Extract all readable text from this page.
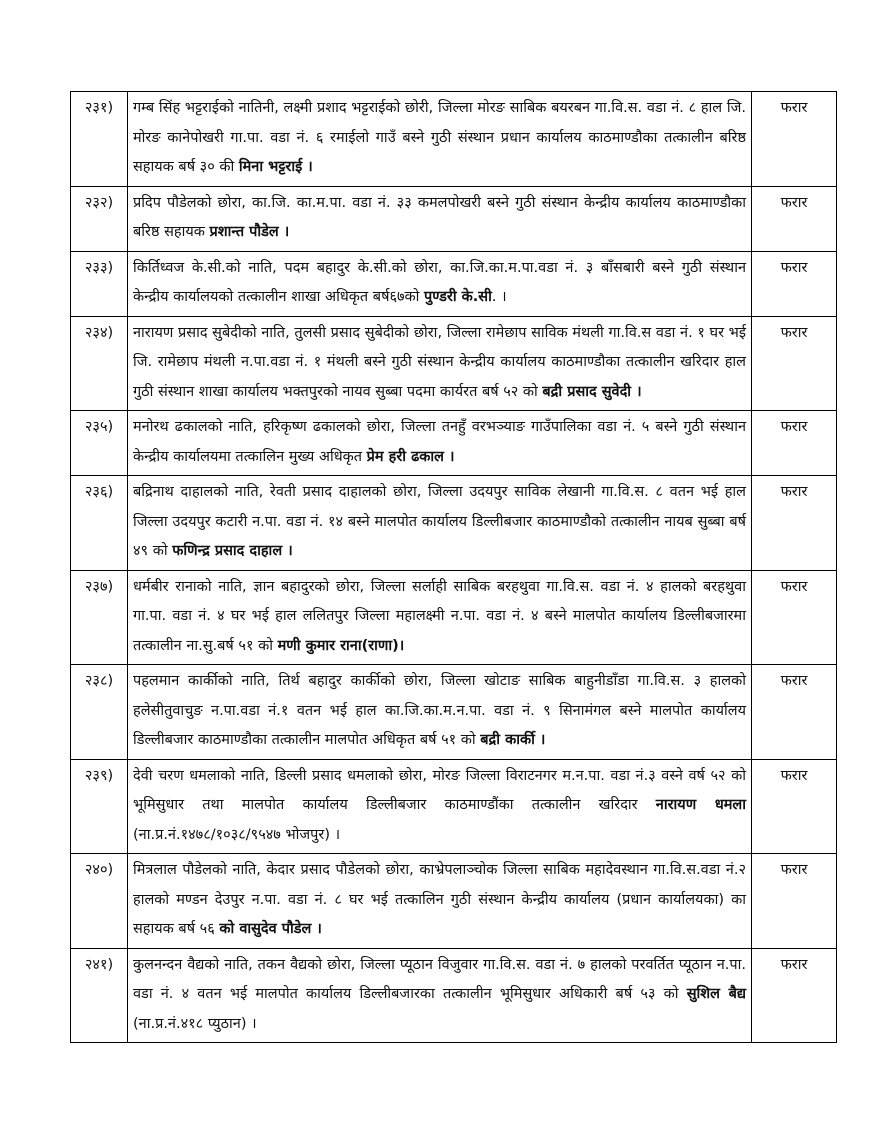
२३१)	गम्ब सिंह भट्टराईको नातिनी, लक्ष्मी प्रशाद भट्टराईको छोरी, जिल्ला मोरङ साबिक बयरबन गा.वि.स. वडा नं. ८ हाल जि. मोरङ कानेपोखरी गा.पा. वडा नं. ६ रमाईलो गाउँ बस्ने गुठी संस्थान प्रधान कार्यालय काठमाण्डौका तत्कालीन बरिष्ठ सहायक बर्ष ३० की मिना भट्टराई ।	फरार
२३२)	प्रदिप पौडेलको छोरा, का.जि. का.म.पा. वडा नं. ३३ कमलपोखरी बस्ने गुठी संस्थान केन्द्रीय कार्यालय काठमाण्डौका बरिष्ठ सहायक प्रशान्त पौडेल ।	फरार
२३३)	किर्तिध्वज के.सी.को नाति, पदम बहादुर के.सी.को छोरा, का.जि.का.म.पा.वडा नं. ३ बाँसबारी बस्ने गुठी संस्थान केन्द्रीय कार्यालयको तत्कालीन शाखा अधिकृत बर्ष६७को पुण्डरी के.सी. ।	फरार
२३४)	नारायण प्रसाद सुबेदीको नाति, तुलसी प्रसाद सुबेदीको छोरा, जिल्ला रामेछाप साविक मंथली गा.वि.स वडा नं. १ घर भई जि. रामेछाप मंथली न.पा.वडा नं. १ मंथली बस्ने गुठी संस्थान केन्द्रीय कार्यालय काठमाण्डौका तत्कालीन खरिदार हाल गुठी संस्थान शाखा कार्यालय भक्तपुरको नायव सुब्बा पदमा कार्यरत बर्ष ५२ को बद्री प्रसाद सुवेदी ।	फरार
२३५)	मनोरथ ढकालको नाति, हरिकृष्ण ढकालको छोरा, जिल्ला तनहुँ वरभञ्याङ गाउँपालिका वडा नं. ५ बस्ने गुठी संस्थान केन्द्रीय कार्यालयमा तत्कालिन मुख्य अधिकृत प्रेम हरी ढकाल ।	फरार
२३६)	बद्रिनाथ दाहालको नाति, रेवती प्रसाद दाहालको छोरा, जिल्ला उदयपुर साविक लेखानी गा.वि.स. ८ वतन भई हाल जिल्ला उदयपुर कटारी न.पा. वडा नं. १४ बस्ने मालपोत कार्यालय डिल्लीबजार काठमाण्डौको तत्कालीन नायब सुब्बा बर्ष ४९ को फणिन्द्र प्रसाद दाहाल ।	फरार
२३७)	धर्मबीर रानाको नाति, ज्ञान बहादुरको छोरा, जिल्ला सर्लाही साबिक बरहथुवा गा.वि.स. वडा नं. ४ हालको बरहथुवा गा.पा. वडा नं. ४ घर भई हाल ललितपुर जिल्ला महालक्ष्मी न.पा. वडा नं. ४ बस्ने मालपोत कार्यालय डिल्लीबजारमा तत्कालीन ना.सु.बर्ष ५१ को मणी कुमार राना(राणा)।	फरार
२३८)	पहलमान कार्कीको नाति, तिर्थ बहादुर कार्कीको छोरा, जिल्ला खोटाङ साबिक बाहुनीडाँडा गा.वि.स. ३ हालको हलेसीतुवाचुङ न.पा.वडा नं.१ वतन भई हाल का.जि.का.म.न.पा. वडा नं. ९ सिनामंगल बस्ने मालपोत कार्यालय डिल्लीबजार काठमाण्डौका तत्कालीन मालपोत अधिकृत बर्ष ५१ को बद्री कार्की ।	फरार
२३९)	देवी चरण धमलाको नाति, डिल्ली प्रसाद धमलाको छोरा, मोरङ जिल्ला विराटनगर म.न.पा. वडा नं.३ वस्ने वर्ष ५२ को भूमिसुधार तथा मालपोत कार्यालय डिल्लीबजार काठमाण्डौंका तत्कालीन खरिदार नारायण धमला (ना.प्र.नं.१४७८/१०३८/९५४७ भोजपुर) ।	फरार
२४०)	मित्रलाल पौडेलको नाति, केदार प्रसाद पौडेलको छोरा, काभ्रेपलाञ्चोक जिल्ला साबिक महादेवस्थान गा.वि.स.वडा नं.२ हालको मण्डन देउपुर न.पा. वडा नं. ८ घर भई तत्कालिन गुठी संस्थान केन्द्रीय कार्यालय (प्रधान कार्यालयका) का सहायक बर्ष ५६ को वासुदेव पौडेल ।	फरार
२४१)	कुलनन्दन वैद्यको नाति, तकन वैद्यको छोरा, जिल्ला प्यूठान विजुवार गा.वि.स. वडा नं. ७ हालको परवर्तित प्यूठान न.पा. वडा नं. ४ वतन भई मालपोत कार्यालय डिल्लीबजारका तत्कालीन भूमिसुधार अधिकारी बर्ष ५३ को सुशिल बैद्य (ना.प्र.नं.४१८ प्युठान) ।	फरार
